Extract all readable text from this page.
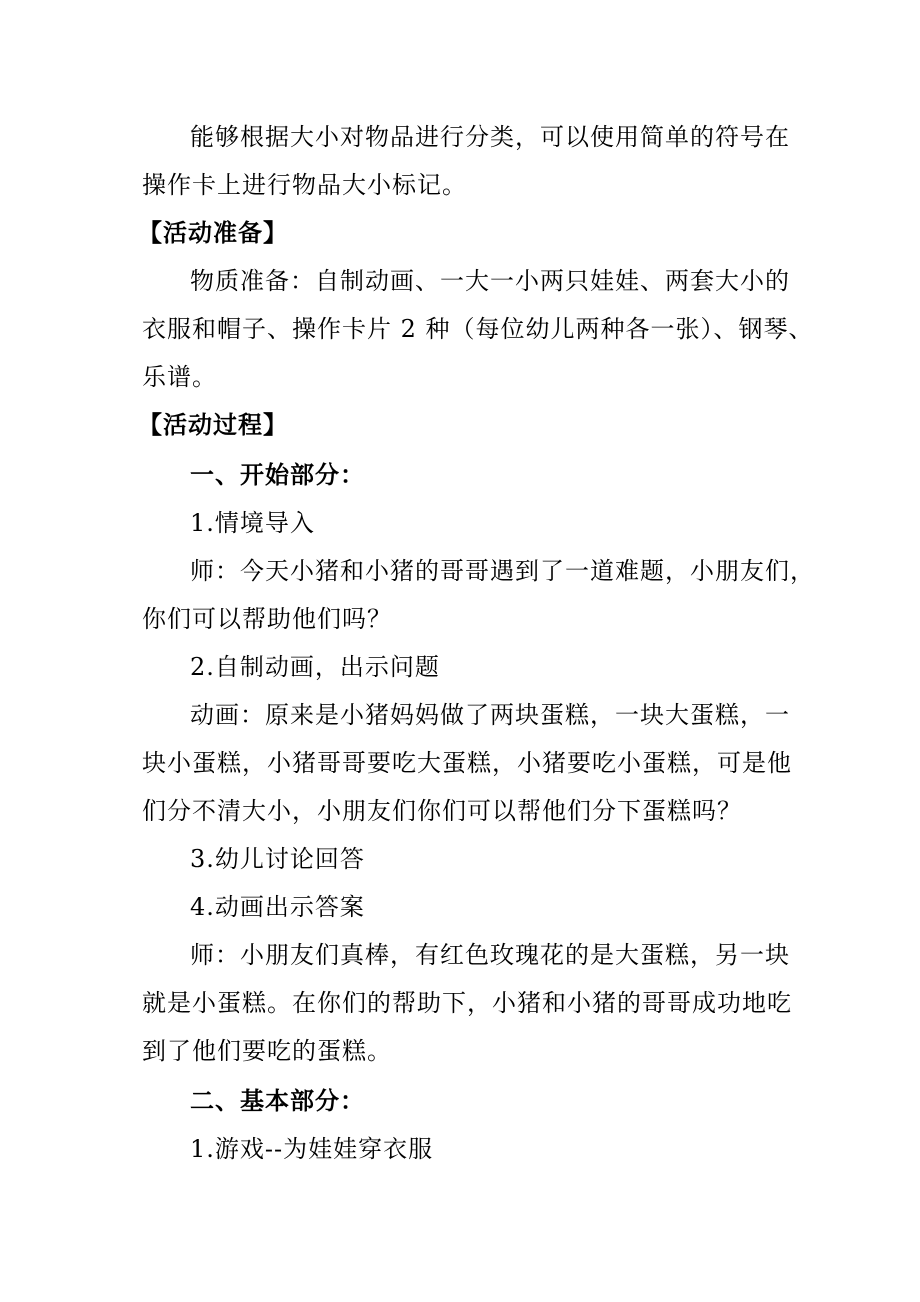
能够根据大小对物品进行分类，可以使用简单的符号在
操作卡上进行物品大小标记。
【活动准备】
物质准备：自制动画、一大一小两只娃娃、两套大小的
衣服和帽子、操作卡片 2 种（每位幼儿两种各一张）、钢琴、
乐谱。
【活动过程】
一、开始部分：
1.情境导入
师：今天小猪和小猪的哥哥遇到了一道难题，小朋友们，
你们可以帮助他们吗？
2.自制动画，出示问题
动画：原来是小猪妈妈做了两块蛋糕，一块大蛋糕，一
块小蛋糕，小猪哥哥要吃大蛋糕，小猪要吃小蛋糕，可是他
们分不清大小，小朋友们你们可以帮他们分下蛋糕吗？
3.幼儿讨论回答
4.动画出示答案
师：小朋友们真棒，有红色玫瑰花的是大蛋糕，另一块
就是小蛋糕。在你们的帮助下，小猪和小猪的哥哥成功地吃
到了他们要吃的蛋糕。
二、基本部分：
1.游戏--为娃娃穿衣服
